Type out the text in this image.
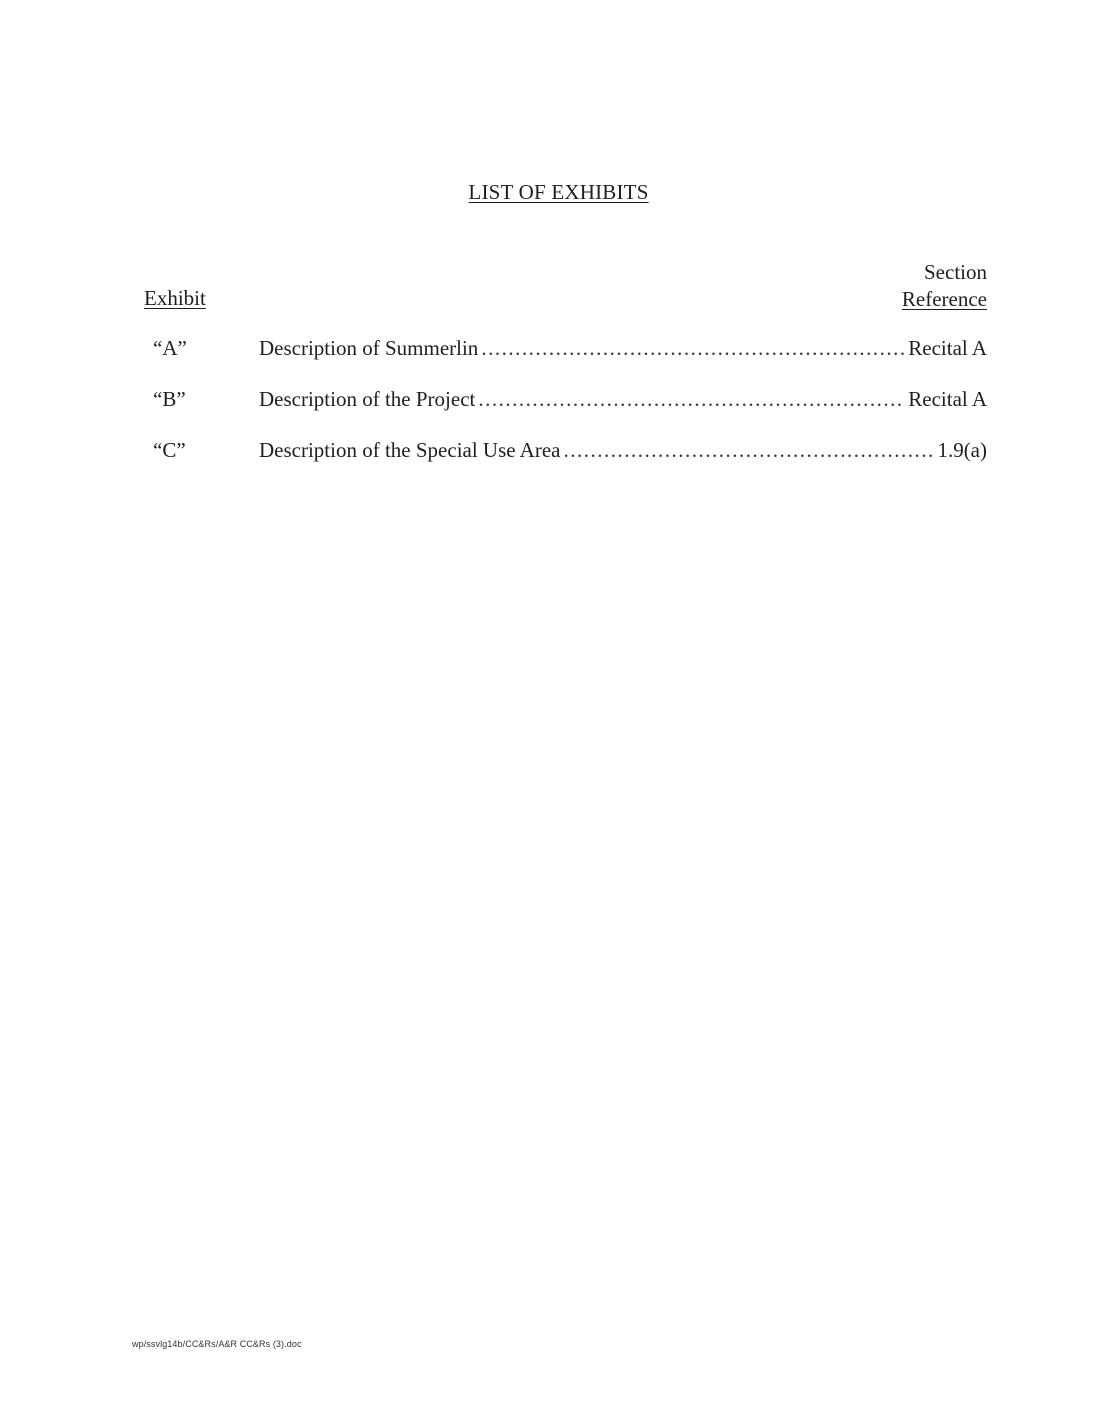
LIST OF EXHIBITS
Exhibit
Section
Reference
“A”	Description of Summerlin .....	Recital A
“B”	Description of the Project .....	Recital A
“C”	Description of the Special Use Area .....	1.9(a)
wp/ssvlg14b/CC&Rs/A&R CC&Rs (3).doc
